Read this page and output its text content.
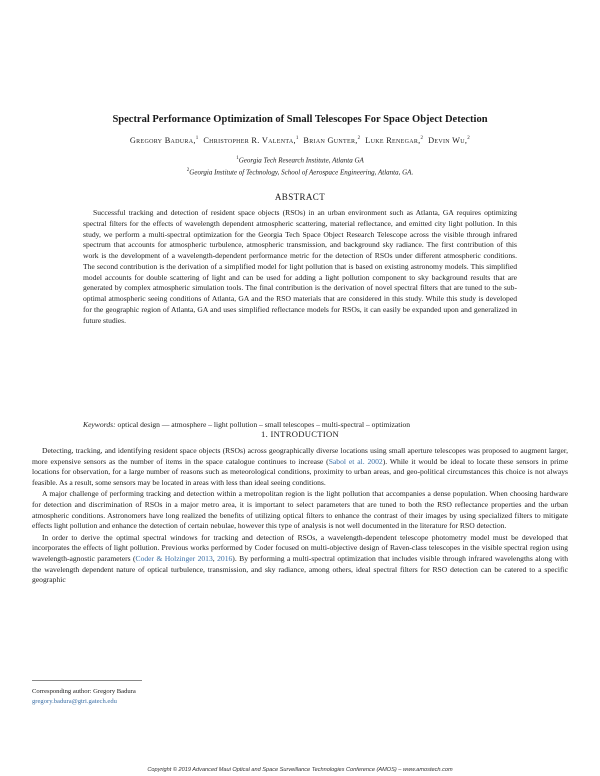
Spectral Performance Optimization of Small Telescopes For Space Object Detection
Gregory Badura,$^1$ Christopher R. Valenta,$^1$ Brian Gunter,$^2$ Luke Renegar,$^2$ Devin Wu,$^2$
$^1$Georgia Tech Research Institute, Atlanta GA
$^2$Georgia Institute of Technology, School of Aerospace Engineering, Atlanta, GA.
ABSTRACT

Successful tracking and detection of resident space objects (RSOs) in an urban environment such as Atlanta, GA requires optimizing spectral filters for the effects of wavelength dependent atmospheric scattering, material reflectance, and emitted city light pollution. In this study, we perform a multi-spectral optimization for the Georgia Tech Space Object Research Telescope across the visible through infrared spectrum that accounts for atmospheric turbulence, atmospheric transmission, and background sky radiance. The first contribution of this work is the development of a wavelength-dependent performance metric for the detection of RSOs under different atmospheric conditions. The second contribution is the derivation of a simplified model for light pollution that is based on existing astronomy models. This simplified model accounts for double scattering of light and can be used for adding a light pollution component to sky background results that are generated by complex atmospheric simulation tools. The final contribution is the derivation of novel spectral filters that are tuned to the sub-optimal atmospheric seeing conditions of Atlanta, GA and the RSO materials that are considered in this study. While this study is developed for the geographic region of Atlanta, GA and uses simplified reflectance models for RSOs, it can easily be expanded upon and generalized in future studies.

Keywords: optical design — atmosphere – light pollution – small telescopes – multi-spectral – optimization

1. INTRODUCTION

Detecting, tracking, and identifying resident space objects (RSOs) across geographically diverse locations using small aperture telescopes was proposed to augment larger, more expensive sensors as the number of items in the space catalogue continues to increase (Sabol et al. 2002). While it would be ideal to locate these sensors in prime locations for observation, for a large number of reasons such as meteorological conditions, proximity to urban areas, and geo-political circumstances this choice is not always feasible. As a result, some sensors may be located in areas with less than ideal seeing conditions.

A major challenge of performing tracking and detection within a metropolitan region is the light pollution that accompanies a dense population. When choosing hardware for detection and discrimination of RSOs in a major metro area, it is important to select parameters that are tuned to both the RSO reflectance properties and the urban atmospheric conditions. Astronomers have long realized the benefits of utilizing optical filters to enhance the contrast of their images by using specialized filters to mitigate effects light pollution and enhance the detection of certain nebulae, however this type of analysis is not well documented in the literature for RSO detection.

In order to derive the optimal spectral windows for tracking and detection of RSOs, a wavelength-dependent telescope photometry model must be developed that incorporates the effects of light pollution. Previous works performed by Coder focused on multi-objective design of Raven-class telescopes in the visible spectral region using wavelength-agnostic parameters (Coder & Holzinger 2013, 2016). By performing a multi-spectral optimization that includes visible through infrared wavelengths along with the wavelength dependent nature of optical turbulence, transmission, and sky radiance, among others, ideal spectral filters for RSO detection can be catered to a specific geographic

Corresponding author: Gregory Badura
gregory.badura@gtri.gatech.edu
Copyright © 2019 Advanced Maui Optical and Space Surveillance Technologies Conference (AMOS) – www.amostech.com
